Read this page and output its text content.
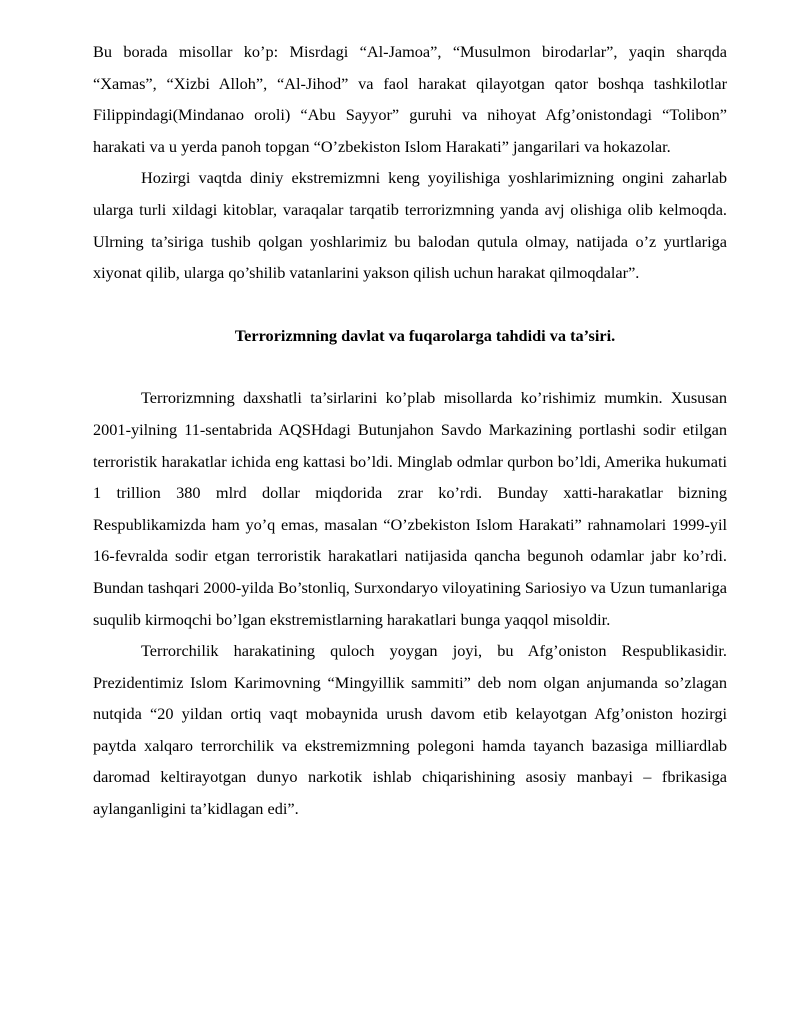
Bu borada misollar ko’p: Misrdagi “Al-Jamoa”, “Musulmon birodarlar”, yaqin sharqda “Xamas”, “Xizbi Alloh”, “Al-Jihod” va faol harakat qilayotgan qator boshqa tashkilotlar Filippindagi(Mindanao oroli) “Abu Sayyor” guruhi va nihoyat Afg’onistondagi “Tolibon” harakati va u yerda panoh topgan “O’zbekiston Islom Harakati” jangarilari va hokazolar.

Hozirgi vaqtda diniy ekstremizmni keng yoyilishiga yoshlarimizning ongini zaharlab ularga turli xildagi kitoblar, varaqalar tarqatib terrorizmning yanda avj olishiga olib kelmoqda. Ulrning ta’siriga tushib qolgan yoshlarimiz bu balodan qutula olmay, natijada o’z yurtlariga xiyonat qilib, ularga qo’shilib vatanlarini yakson qilish uchun harakat qilmoqdalar”.

Terrorizmning davlat va fuqarolarga tahdidi va ta’siri.

Terrorizmning daxshatli ta’sirlarini ko’plab misollarda ko’rishimiz mumkin. Xususan 2001-yilning 11-sentabrida AQSHdagi Butunjahon Savdo Markazining portlashi sodir etilgan terroristik harakatlar ichida eng kattasi bo’ldi. Minglab odmlar qurbon bo’ldi, Amerika hukumati 1 trillion 380 mlrd dollar miqdorida zrar ko’rdi. Bunday xatti-harakatlar bizning Respublikamizda ham yo’q emas, masalan “O’zbekiston Islom Harakati” rahnamolari 1999-yil 16-fevralda sodir etgan terroristik harakatlari natijasida qancha begunoh odamlar jabr ko’rdi. Bundan tashqari 2000-yilda Bo’stonliq, Surxondaryo viloyatining Sariosiyo va Uzun tumanlariga suqulib kirmoqchi bo’lgan ekstremistlarning harakatlari bunga yaqqol misoldir.

Terrorchilik harakatining quloch yoygan joyi, bu Afg’oniston Respublikasidir. Prezidentimiz Islom Karimovning “Mingyillik sammiti” deb nom olgan anjumanda so’zlagan nutqida “20 yildan ortiq vaqt mobaynida urush davom etib kelayotgan Afg’oniston hozirgi paytda xalqaro terrorchilik va ekstremizmning polegoni hamda tayanch bazasiga milliardlab daromad keltirayotgan dunyo narkotik ishlab chiqarishining asosiy manbayi – fbrikasiga aylanganligini ta’kidlagan edi”.
